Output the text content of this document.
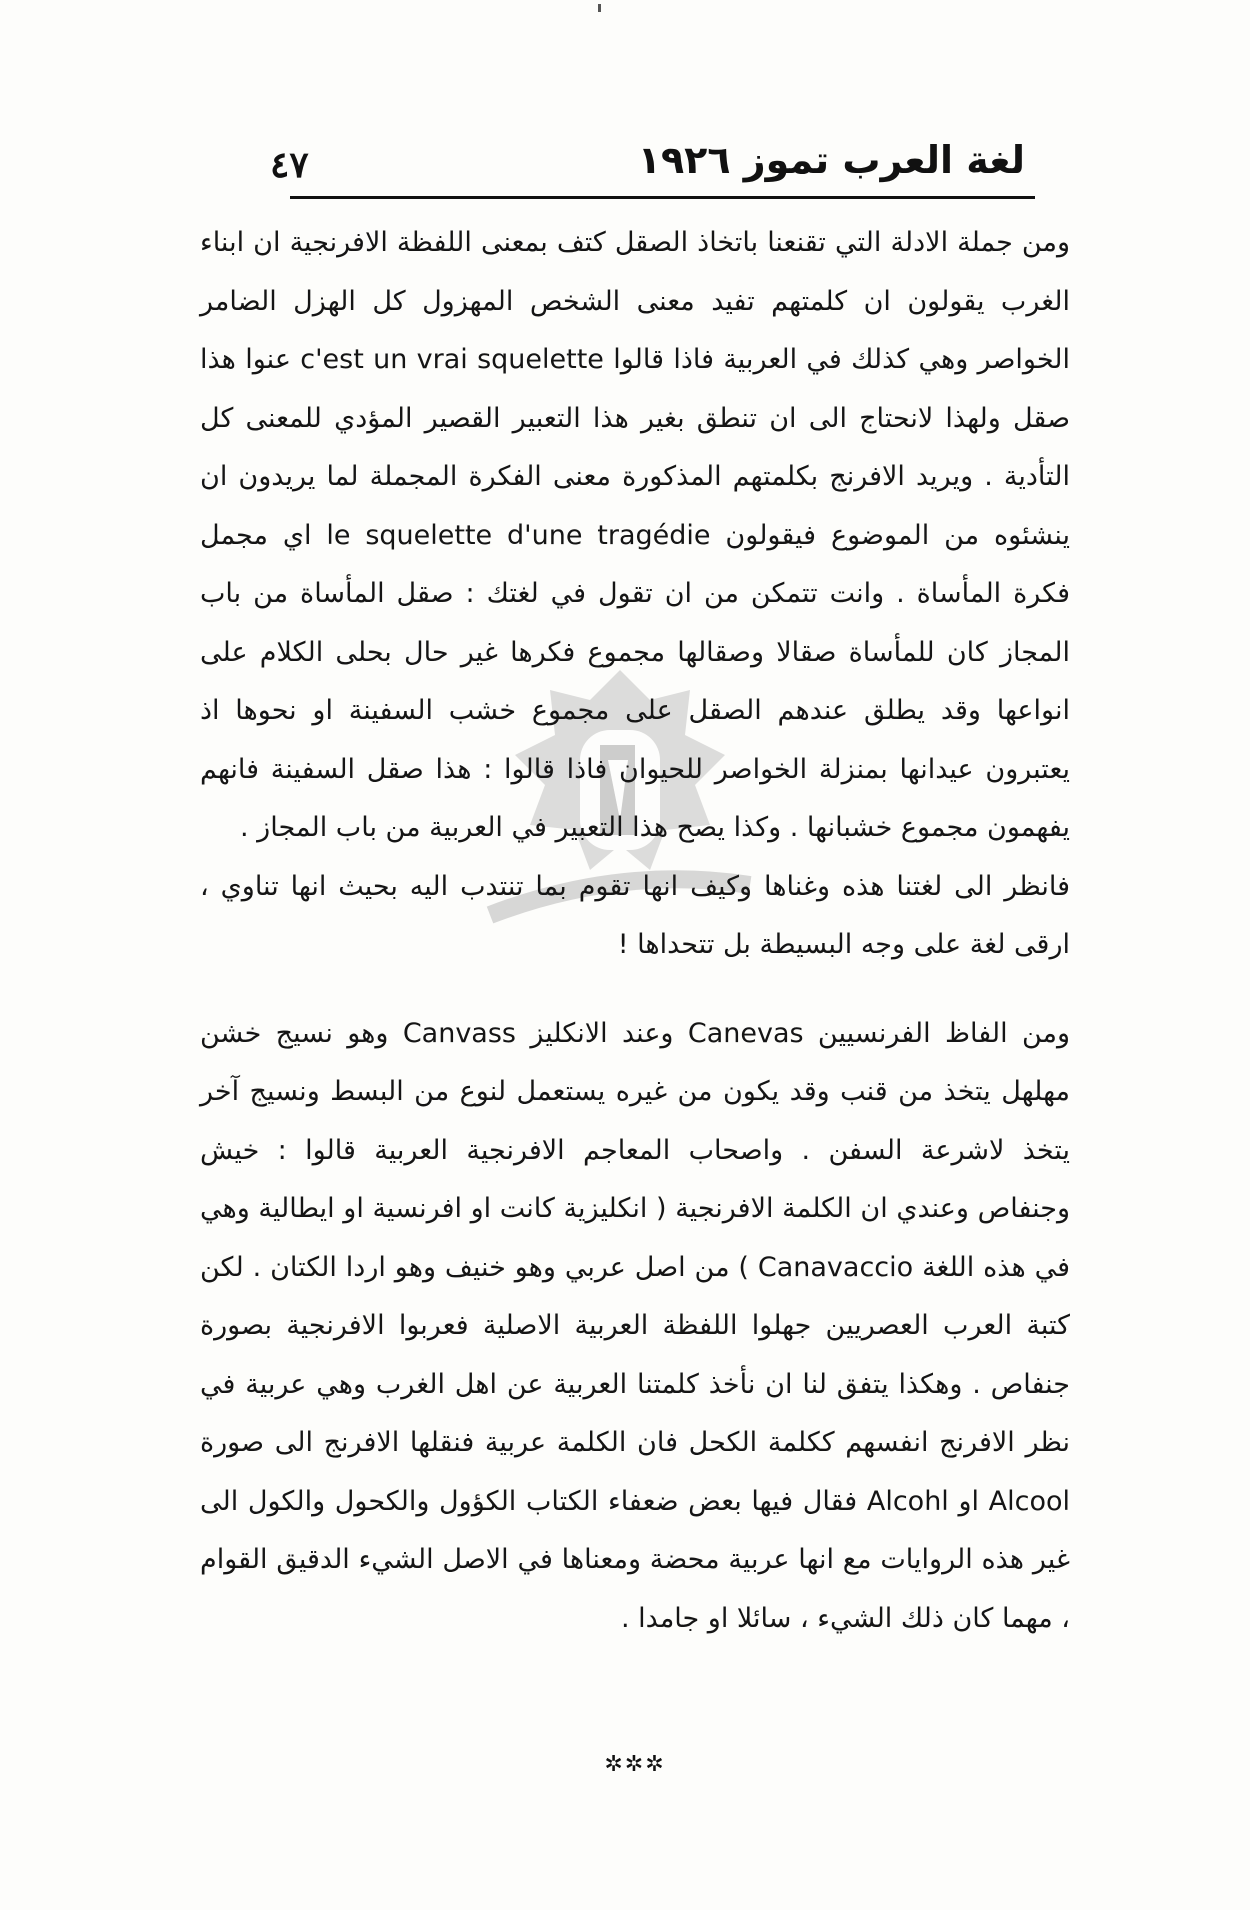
٤٧	لغة العرب تموز ١٩٢٦

ومن جملة الادلة التي تقنعنا باتخاذ الصقل كتف بمعنى اللفظة الافرنجية ان ابناء الغرب يقولون ان كلمتهم تفيد معنى الشخص المهزول كل الهزل الضامر الخواصر وهي كذلك في العربية فاذا قالوا c'est un vrai squelette عنوا هذا صقل ولهذا لانحتاج الى ان تنطق بغير هذا التعبير القصير المؤدي للمعنى كل التأدية . ويريد الافرنج بكلمتهم المذكورة معنى الفكرة المجملة لما يريدون ان ينشئوه من الموضوع فيقولون le squelette d'une tragédie اي مجمل فكرة المأساة . وانت تتمكن من ان تقول في لغتك : صقل المأساة من باب المجاز كان للمأساة صقالا وصقالها مجموع فكرها غير حال بحلى الكلام على انواعها وقد يطلق عندهم الصقل على مجموع خشب السفينة او نحوها اذ يعتبرون عيدانها بمنزلة الخواصر للحيوان فاذا قالوا : هذا صقل السفينة فانهم يفهمون مجموع خشبانها . وكذا يصح هذا التعبير في العربية من باب المجاز .

فانظر الى لغتنا هذه وغناها وكيف انها تقوم بما تنتدب اليه بحيث انها تناوي ، ارقى لغة على وجه البسيطة بل تتحداها !

ومن الفاظ الفرنسيين Canevas وعند الانكليز Canvass وهو نسيج خشن مهلهل يتخذ من قنب وقد يكون من غيره يستعمل لنوع من البسط ونسيج آخر يتخذ لاشرعة السفن . واصحاب المعاجم الافرنجية العربية قالوا : خيش وجنفاص وعندي ان الكلمة الافرنجية ( انكليزية كانت او افرنسية او ايطالية وهي في هذه اللغة Canavaccio ) من اصل عربي وهو خنيف وهو اردا الكتان . لكن كتبة العرب العصريين جهلوا اللفظة العربية الاصلية فعربوا الافرنجية بصورة جنفاص . وهكذا يتفق لنا ان نأخذ كلمتنا العربية عن اهل الغرب وهي عربية في نظر الافرنج انفسهم ككلمة الكحل فان الكلمة عربية فنقلها الافرنج الى صورة Alcool او Alcohl فقال فيها بعض ضعفاء الكتاب الكؤول والكحول والكول الى غير هذه الروايات مع انها عربية محضة ومعناها في الاصل الشيء الدقيق القوام ، مهما كان ذلك الشيء ، سائلا او جامدا .

✲✲✲
